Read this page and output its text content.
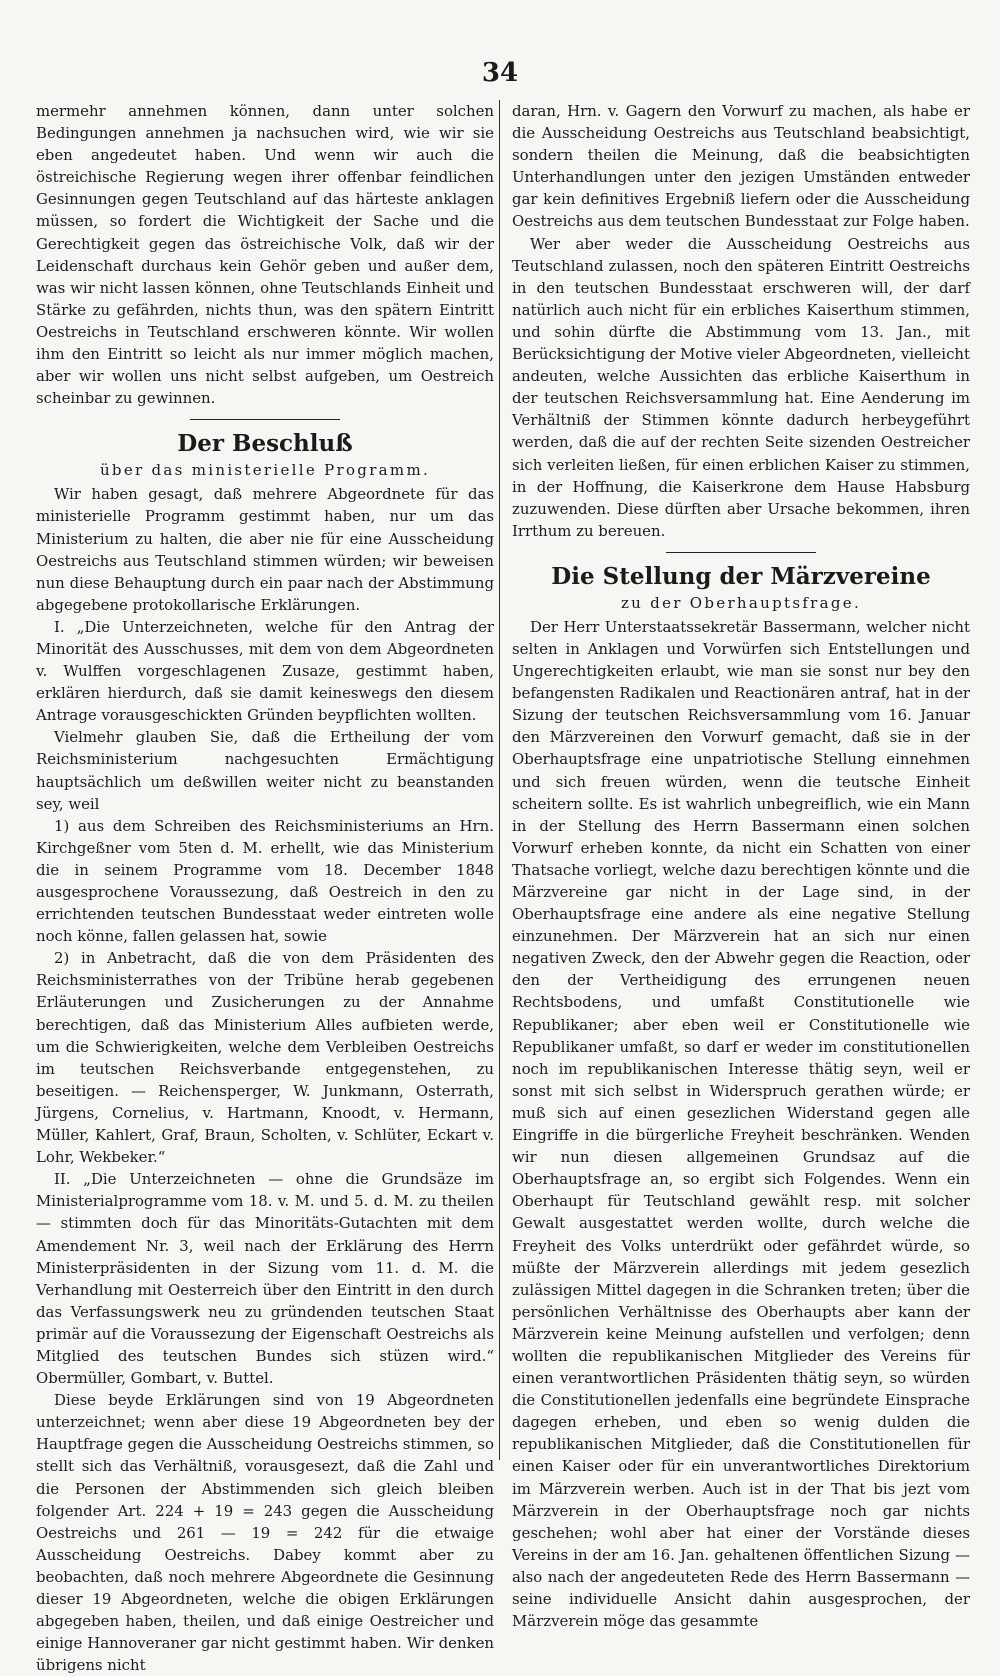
34

mermehr annehmen können, dann unter solchen Bedingungen annehmen ja nachsuchen wird, wie wir sie eben angedeutet haben. Und wenn wir auch die östreichische Regierung wegen ihrer offenbar feindlichen Gesinnungen gegen Teutschland auf das härteste anklagen müssen, so fordert die Wichtigkeit der Sache und die Gerechtigkeit gegen das östreichische Volk, daß wir der Leidenschaft durchaus kein Gehör geben und außer dem, was wir nicht lassen können, ohne Teutschlands Einheit und Stärke zu gefährden, nichts thun, was den spätern Eintritt Oestreichs in Teutschland erschweren könnte. Wir wollen ihm den Eintritt so leicht als nur immer möglich machen, aber wir wollen uns nicht selbst aufgeben, um Oestreich scheinbar zu gewinnen.

Der Beschluß
über das ministerielle Programm.

Wir haben gesagt, daß mehrere Abgeordnete für das ministerielle Programm gestimmt haben, nur um das Ministerium zu halten, die aber nie für eine Ausscheidung Oestreichs aus Teutschland stimmen würden; wir beweisen nun diese Behauptung durch ein paar nach der Abstimmung abgegebene protokollarische Erklärungen.

I. „Die Unterzeichneten, welche für den Antrag der Minorität des Ausschusses, mit dem von dem Abgeordneten v. Wulffen vorgeschlagenen Zusaze, gestimmt haben, erklären hierdurch, daß sie damit keineswegs den diesem Antrage vorausgeschickten Gründen beypflichten wollten.

Vielmehr glauben Sie, daß die Ertheilung der vom Reichsministerium nachgesuchten Ermächtigung hauptsächlich um deßwillen weiter nicht zu beanstanden sey, weil

1) aus dem Schreiben des Reichsministeriums an Hrn. Kirchgeßner vom 5ten d. M. erhellt, wie das Ministerium die in seinem Programme vom 18. December 1848 ausgesprochene Voraussezung, daß Oestreich in den zu errichtenden teutschen Bundesstaat weder eintreten wolle noch könne, fallen gelassen hat, sowie

2) in Anbetracht, daß die von dem Präsidenten des Reichsministerrathes von der Tribüne herab gegebenen Erläuterungen und Zusicherungen zu der Annahme berechtigen, daß das Ministerium Alles aufbieten werde, um die Schwierigkeiten, welche dem Verbleiben Oestreichs im teutschen Reichsverbande entgegenstehen, zu beseitigen. — Reichensperger, W. Junkmann, Osterrath, Jürgens, Cornelius, v. Hartmann, Knoodt, v. Hermann, Müller, Kahlert, Graf, Braun, Scholten, v. Schlüter, Eckart v. Lohr, Wekbeker.“

II. „Die Unterzeichneten — ohne die Grundsäze im Ministerialprogramme vom 18. v. M. und 5. d. M. zu theilen — stimmten doch für das Minoritäts-Gutachten mit dem Amendement Nr. 3, weil nach der Erklärung des Herrn Ministerpräsidenten in der Sizung vom 11. d. M. die Verhandlung mit Oesterreich über den Eintritt in den durch das Verfassungswerk neu zu gründenden teutschen Staat primär auf die Voraussezung der Eigenschaft Oestreichs als Mitglied des teutschen Bundes sich stüzen wird.“ Obermüller, Gombart, v. Buttel.

Diese beyde Erklärungen sind von 19 Abgeordneten unterzeichnet; wenn aber diese 19 Abgeordneten bey der Hauptfrage gegen die Ausscheidung Oestreichs stimmen, so stellt sich das Verhältniß, vorausgesezt, daß die Zahl und die Personen der Abstimmenden sich gleich bleiben folgender Art. 224 + 19 = 243 gegen die Ausscheidung Oestreichs und 261 — 19 = 242 für die etwaige Ausscheidung Oestreichs. Dabey kommt aber zu beobachten, daß noch mehrere Abgeordnete die Gesinnung dieser 19 Abgeordneten, welche die obigen Erklärungen abgegeben haben, theilen, und daß einige Oestreicher und einige Hannoveraner gar nicht gestimmt haben. Wir denken übrigens nicht

daran, Hrn. v. Gagern den Vorwurf zu machen, als habe er die Ausscheidung Oestreichs aus Teutschland beabsichtigt, sondern theilen die Meinung, daß die beabsichtigten Unterhandlungen unter den jezigen Umständen entweder gar kein definitives Ergebniß liefern oder die Ausscheidung Oestreichs aus dem teutschen Bundesstaat zur Folge haben.

Wer aber weder die Ausscheidung Oestreichs aus Teutschland zulassen, noch den späteren Eintritt Oestreichs in den teutschen Bundesstaat erschweren will, der darf natürlich auch nicht für ein erbliches Kaiserthum stimmen, und sohin dürfte die Abstimmung vom 13. Jan., mit Berücksichtigung der Motive vieler Abgeordneten, vielleicht andeuten, welche Aussichten das erbliche Kaiserthum in der teutschen Reichsversammlung hat. Eine Aenderung im Verhältniß der Stimmen könnte dadurch herbeygeführt werden, daß die auf der rechten Seite sizenden Oestreicher sich verleiten ließen, für einen erblichen Kaiser zu stimmen, in der Hoffnung, die Kaiserkrone dem Hause Habsburg zuzuwenden. Diese dürften aber Ursache bekommen, ihren Irrthum zu bereuen.

Die Stellung der Märzvereine
zu der Oberhauptsfrage.

Der Herr Unterstaatssekretär Bassermann, welcher nicht selten in Anklagen und Vorwürfen sich Entstellungen und Ungerechtigkeiten erlaubt, wie man sie sonst nur bey den befangensten Radikalen und Reactionären antraf, hat in der Sizung der teutschen Reichsversammlung vom 16. Januar den Märzvereinen den Vorwurf gemacht, daß sie in der Oberhauptsfrage eine unpatriotische Stellung einnehmen und sich freuen würden, wenn die teutsche Einheit scheitern sollte. Es ist wahrlich unbegreiflich, wie ein Mann in der Stellung des Herrn Bassermann einen solchen Vorwurf erheben konnte, da nicht ein Schatten von einer Thatsache vorliegt, welche dazu berechtigen könnte und die Märzvereine gar nicht in der Lage sind, in der Oberhauptsfrage eine andere als eine negative Stellung einzunehmen. Der Märzverein hat an sich nur einen negativen Zweck, den der Abwehr gegen die Reaction, oder den der Vertheidigung des errungenen neuen Rechtsbodens, und umfaßt Constitutionelle wie Republikaner; aber eben weil er Constitutionelle wie Republikaner umfaßt, so darf er weder im constitutionellen noch im republikanischen Interesse thätig seyn, weil er sonst mit sich selbst in Widerspruch gerathen würde; er muß sich auf einen gesezlichen Widerstand gegen alle Eingriffe in die bürgerliche Freyheit beschränken. Wenden wir nun diesen allgemeinen Grundsaz auf die Oberhauptsfrage an, so ergibt sich Folgendes. Wenn ein Oberhaupt für Teutschland gewählt resp. mit solcher Gewalt ausgestattet werden wollte, durch welche die Freyheit des Volks unterdrükt oder gefährdet würde, so müßte der Märzverein allerdings mit jedem gesezlich zulässigen Mittel dagegen in die Schranken treten; über die persönlichen Verhältnisse des Oberhaupts aber kann der Märzverein keine Meinung aufstellen und verfolgen; denn wollten die republikanischen Mitglieder des Vereins für einen verantwortlichen Präsidenten thätig seyn, so würden die Constitutionellen jedenfalls eine begründete Einsprache dagegen erheben, und eben so wenig dulden die republikanischen Mitglieder, daß die Constitutionellen für einen Kaiser oder für ein unverantwortliches Direktorium im Märzverein werben. Auch ist in der That bis jezt vom Märzverein in der Oberhauptsfrage noch gar nichts geschehen; wohl aber hat einer der Vorstände dieses Vereins in der am 16. Jan. gehaltenen öffentlichen Sizung — also nach der angedeuteten Rede des Herrn Bassermann — seine individuelle Ansicht dahin ausgesprochen, der Märzverein möge das gesammte
